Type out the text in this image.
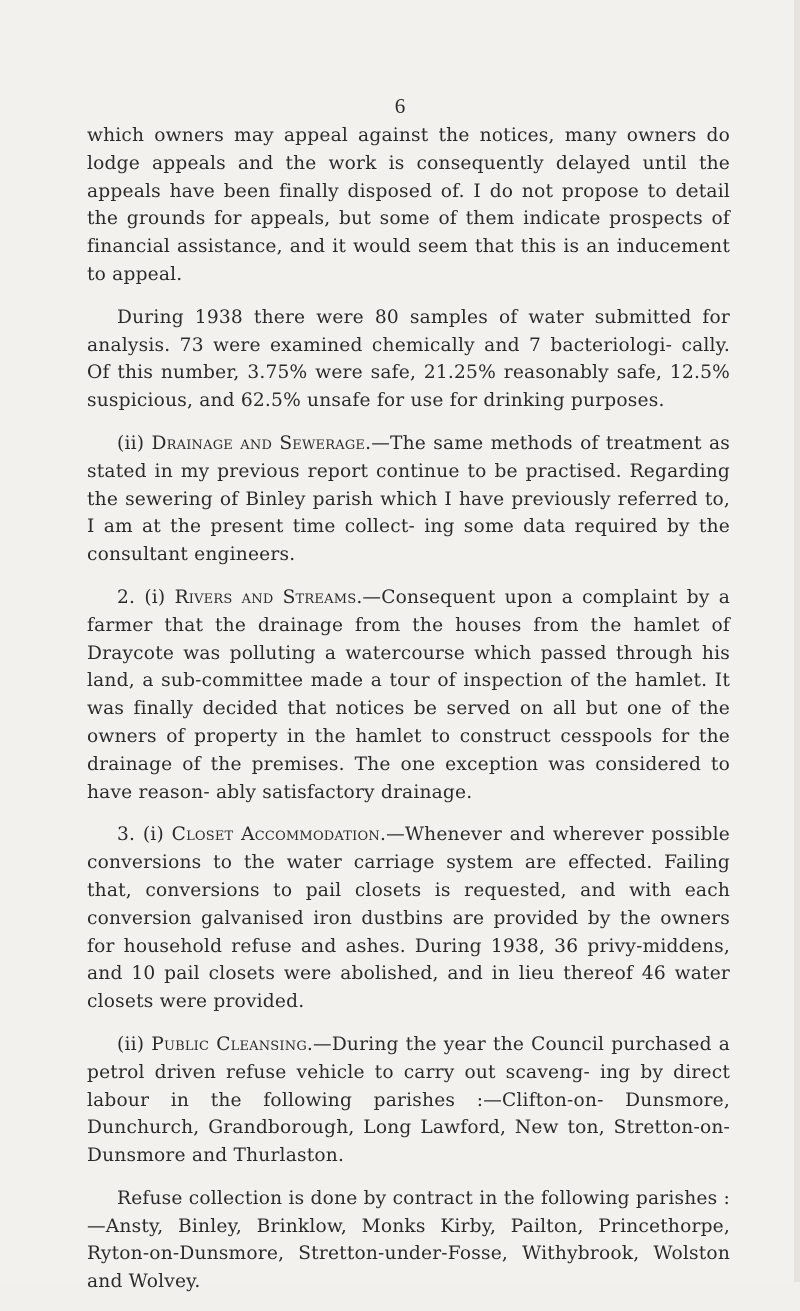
6

which owners may appeal against the notices, many owners do lodge appeals and the work is consequently delayed until the appeals have been finally disposed of. I do not propose to detail the grounds for appeals, but some of them indicate prospects of financial assistance, and it would seem that this is an inducement to appeal.

During 1938 there were 80 samples of water submitted for analysis. 73 were examined chemically and 7 bacteriologi- cally. Of this number, 3.75% were safe, 21.25% reasonably safe, 12.5% suspicious, and 62.5% unsafe for use for drinking purposes.

(ii) Drainage and Sewerage.—The same methods of treatment as stated in my previous report continue to be practised. Regarding the sewering of Binley parish which I have previously referred to, I am at the present time collect- ing some data required by the consultant engineers.

2. (i) Rivers and Streams.—Consequent upon a complaint by a farmer that the drainage from the houses from the hamlet of Draycote was polluting a watercourse which passed through his land, a sub-committee made a tour of inspection of the hamlet. It was finally decided that notices be served on all but one of the owners of property in the hamlet to construct cesspools for the drainage of the premises. The one exception was considered to have reason- ably satisfactory drainage.

3. (i) Closet Accommodation.—Whenever and wherever possible conversions to the water carriage system are effected. Failing that, conversions to pail closets is requested, and with each conversion galvanised iron dustbins are provided by the owners for household refuse and ashes. During 1938, 36 privy-middens, and 10 pail closets were abolished, and in lieu thereof 46 water closets were provided.

(ii) Public Cleansing.—During the year the Council purchased a petrol driven refuse vehicle to carry out scaveng- ing by direct labour in the following parishes :—Clifton-on- Dunsmore, Dunchurch, Grandborough, Long Lawford, New ton, Stretton-on-Dunsmore and Thurlaston.

Refuse collection is done by contract in the following parishes :—Ansty, Binley, Brinklow, Monks Kirby, Pailton, Princethorpe, Ryton-on-Dunsmore, Stretton-under-Fosse, Withybrook, Wolston and Wolvey.
